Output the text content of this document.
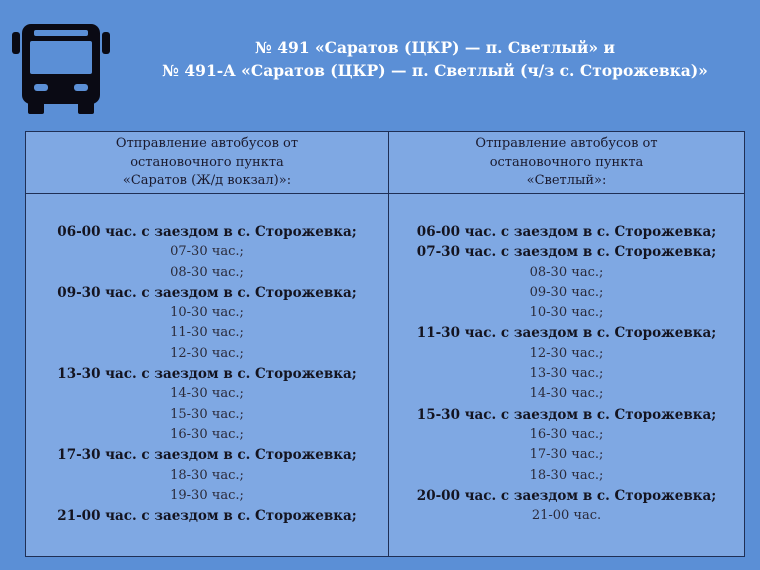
№ 491 «Саратов (ЦКР) — п. Светлый» и
№ 491-А «Саратов (ЦКР) — п. Светлый (ч/з с. Сторожевка)»
Отправление автобусов от
остановочного пункта
«Саратов (Ж/д вокзал)»:
Отправление автобусов от
остановочного пункта
«Светлый»:
06-00 час. с заездом в с. Сторожевка;
07-30 час.;
08-30 час.;
09-30 час. с заездом в с. Сторожевка;
10-30 час.;
11-30 час.;
12-30 час.;
13-30 час. с заездом в с. Сторожевка;
14-30 час.;
15-30 час.;
16-30 час.;
17-30 час. с заездом в с. Сторожевка;
18-30 час.;
19-30 час.;
21-00 час. с заездом в с. Сторожевка;
06-00 час. с заездом в с. Сторожевка;
07-30 час. с заездом в с. Сторожевка;
08-30 час.;
09-30 час.;
10-30 час.;
11-30 час. с заездом в с. Сторожевка;
12-30 час.;
13-30 час.;
14-30 час.;
15-30 час. с заездом в с. Сторожевка;
16-30 час.;
17-30 час.;
18-30 час.;
20-00 час. с заездом в с. Сторожевка;
21-00 час.
